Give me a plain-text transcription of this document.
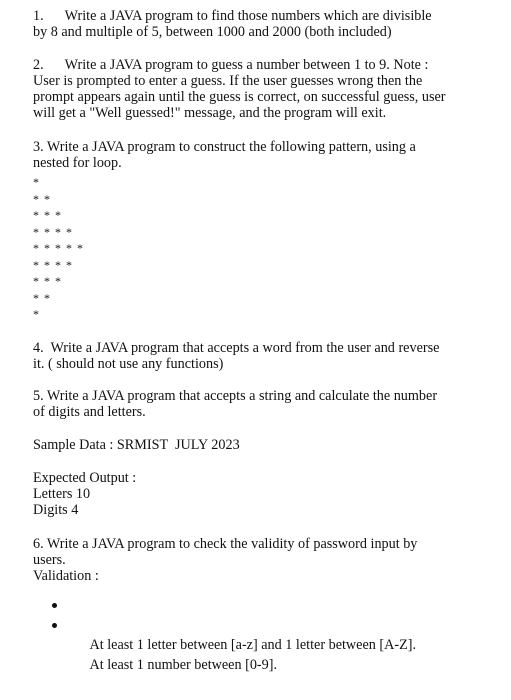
1.      Write a JAVA program to find those numbers which are divisible
by 8 and multiple of 5, between 1000 and 2000 (both included)
2.      Write a JAVA program to guess a number between 1 to 9. Note :
User is prompted to enter a guess. If the user guesses wrong then the
prompt appears again until the guess is correct, on successful guess, user
will get a "Well guessed!" message, and the program will exit.
3. Write a JAVA program to construct the following pattern, using a
nested for loop.
*
* *
* * *
* * * *
* * * * *
* * * *
* * *
* *
*
4.  Write a JAVA program that accepts a word from the user and reverse
it. ( should not use any functions)
5. Write a JAVA program that accepts a string and calculate the number
of digits and letters.
Sample Data : SRMIST  JULY 2023
Expected Output :
Letters 10
Digits 4
6. Write a JAVA program to check the validity of password input by
users.
Validation :

At least 1 letter between [a-z] and 1 letter between [A-Z].

At least 1 number between [0-9].
